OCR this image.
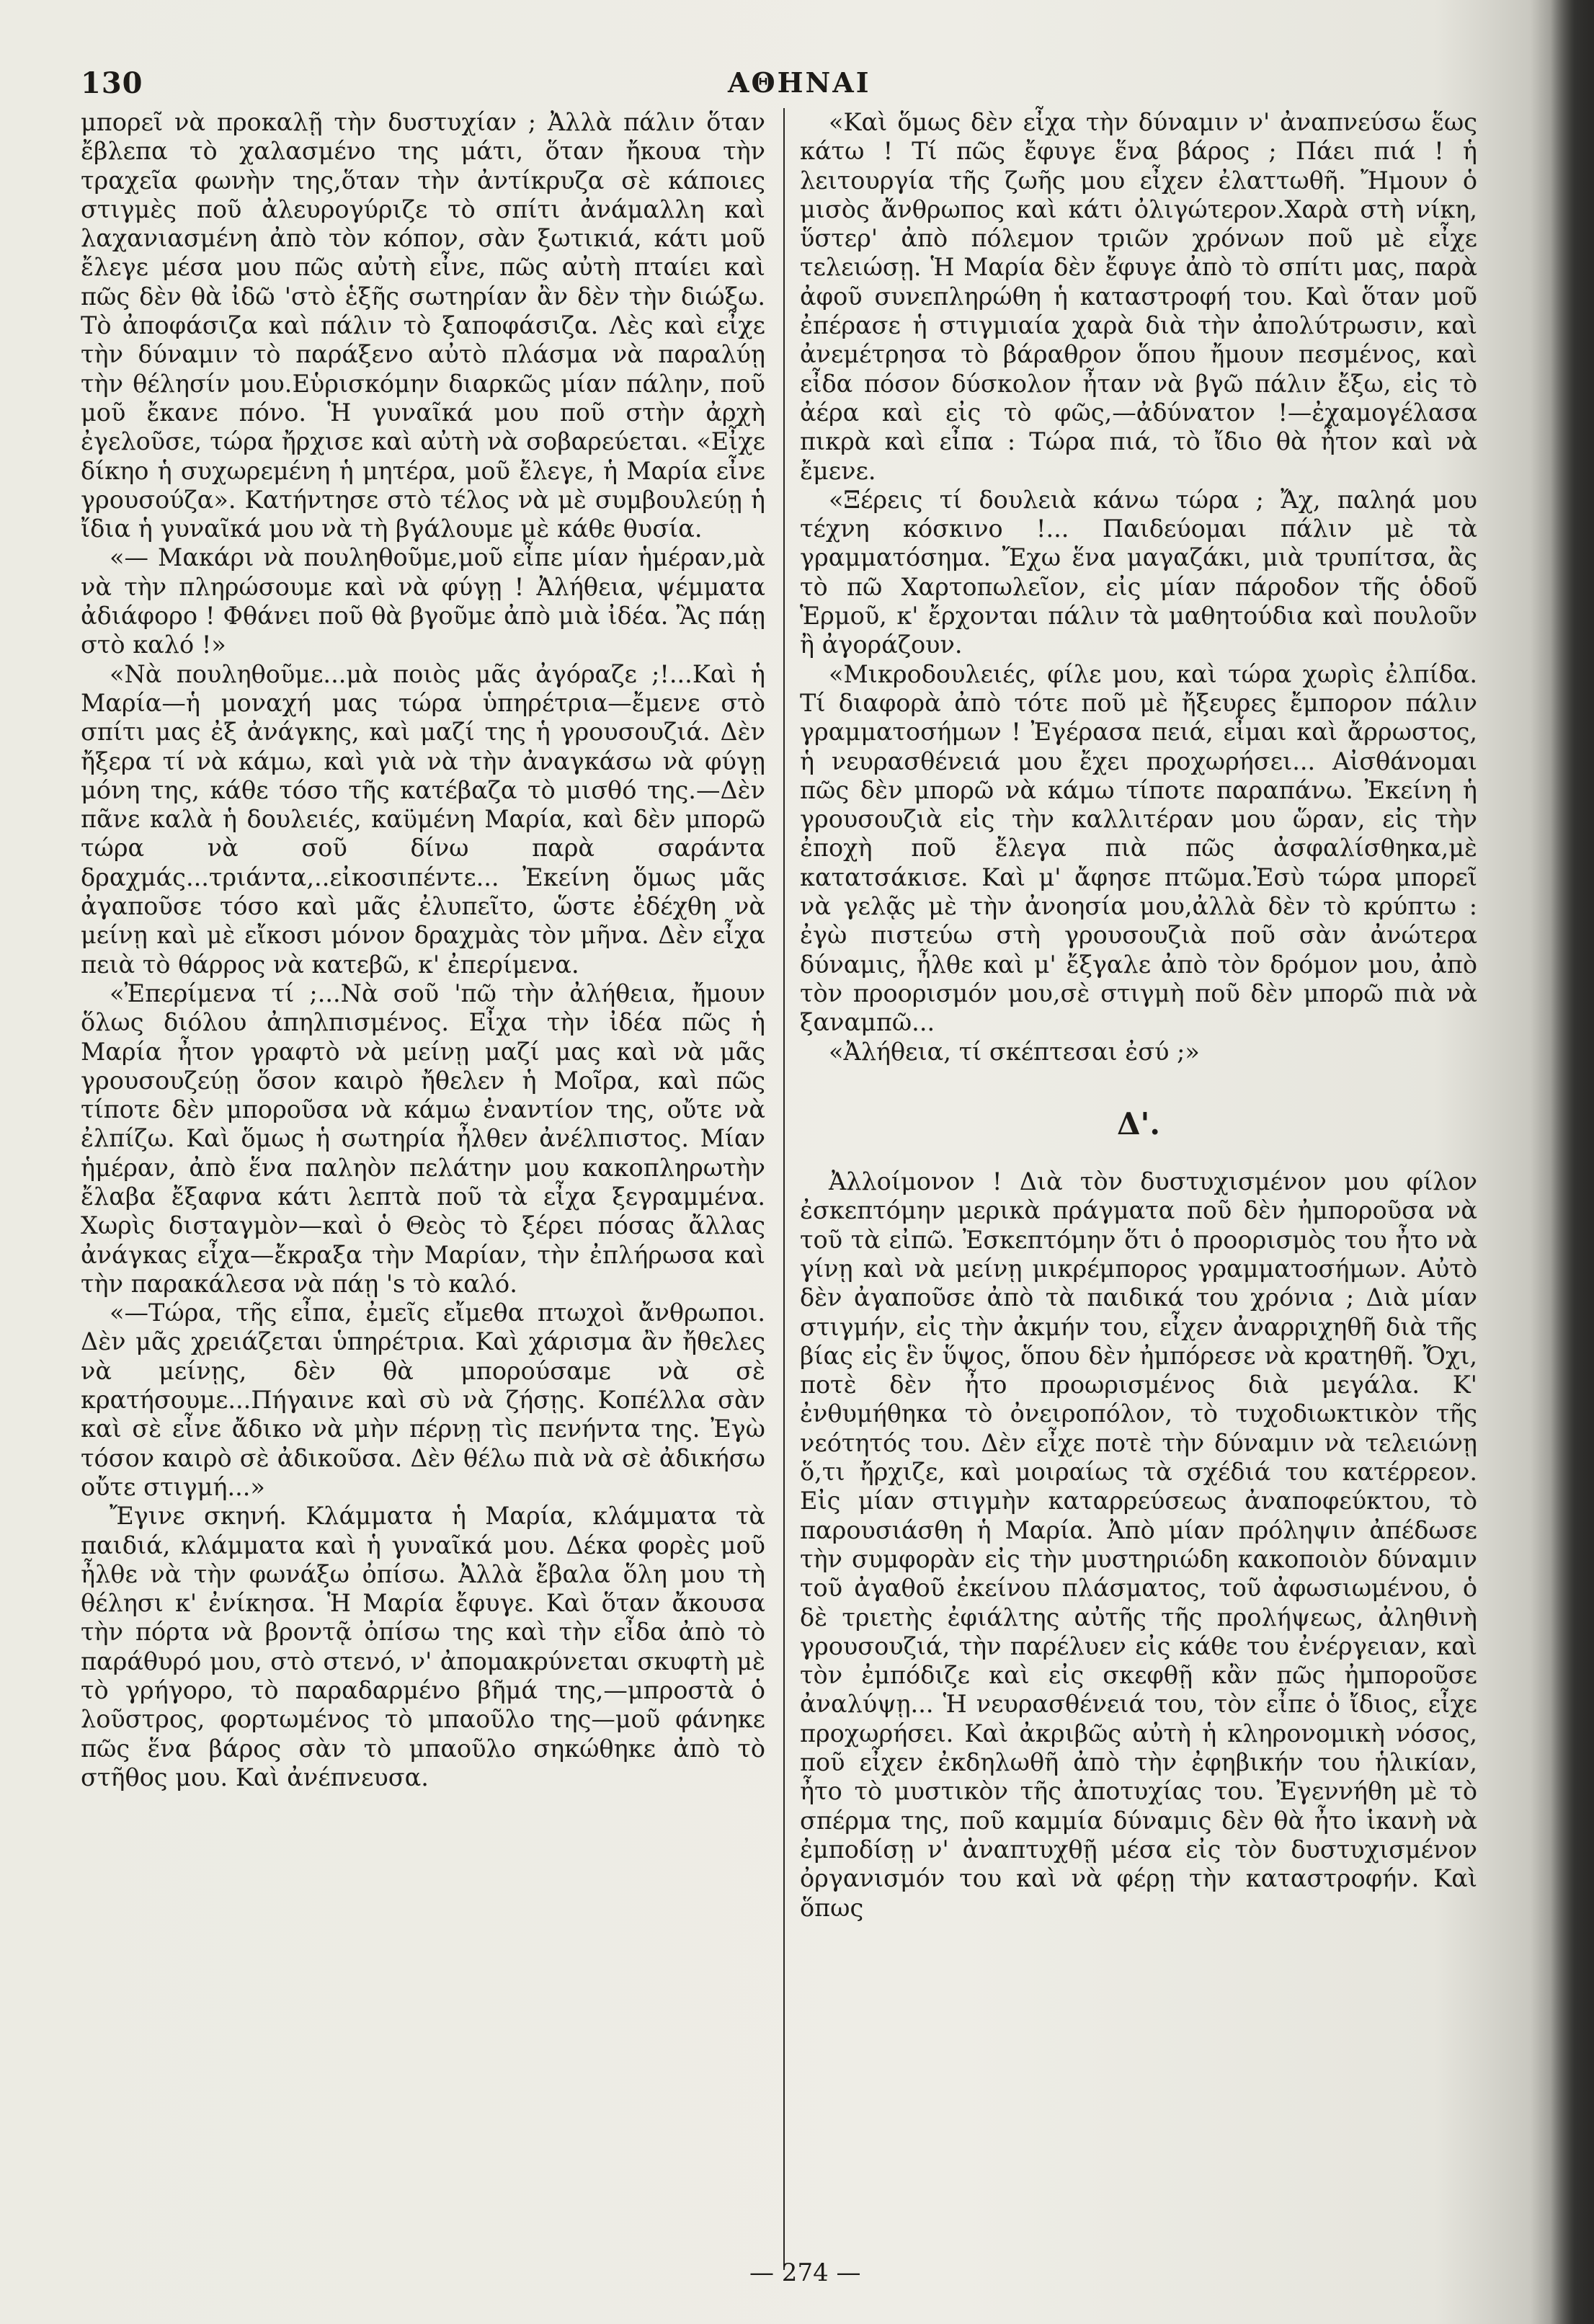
130	ΑΘΗΝΑΙ

μπορεῖ νὰ προκαλῇ τὴν δυστυχίαν ; Ἀλλὰ πάλιν ὅταν ἔβλεπα τὸ χαλασμένο της μάτι, ὅταν ἤκουα τὴν τραχεῖα φωνὴν της,ὅταν τὴν ἀντίκρυζα σὲ κάποιες στιγμὲς ποῦ ἀλευρογύριζε τὸ σπίτι ἀνάμαλλη καὶ λαχανιασμένη ἀπὸ τὸν κόπον, σὰν ξωτικιά, κάτι μοῦ ἔλεγε μέσα μου πῶς αὐτὴ εἶνε, πῶς αὐτὴ πταίει καὶ πῶς δὲν θὰ ἰδῶ 'στὸ ἑξῆς σωτηρίαν ἂν δὲν τὴν διώξω. Τὸ ἀποφάσιζα καὶ πάλιν τὸ ξαποφάσιζα. Λὲς καὶ εἶχε τὴν δύναμιν τὸ παράξενο αὐτὸ πλάσμα νὰ παραλύῃ τὴν θέλησίν μου.Εὑρισκόμην διαρκῶς μίαν πάλην, ποῦ μοῦ ἔκανε πόνο. Ἡ γυναῖκά μου ποῦ στὴν ἀρχὴ ἐγελοῦσε, τώρα ἤρχισε καὶ αὐτὴ νὰ σοβαρεύεται. «Εἶχε δίκηο ἡ συχωρεμένη ἡ μητέρα, μοῦ ἔλεγε, ἡ Μαρία εἶνε γρουσούζα». Κατήντησε στὸ τέλος νὰ μὲ συμβουλεύῃ ἡ ἴδια ἡ γυναῖκά μου νὰ τὴ βγάλουμε μὲ κάθε θυσία.

«— Μακάρι νὰ πουληθοῦμε,μοῦ εἶπε μίαν ἡμέραν,μὰ νὰ τὴν πληρώσουμε καὶ νὰ φύγῃ ! Ἀλήθεια, ψέμματα ἀδιάφορο ! Φθάνει ποῦ θὰ βγοῦμε ἀπὸ μιὰ ἰδέα. Ἂς πάῃ στὸ καλό !»

«Νὰ πουληθοῦμε...μὰ ποιὸς μᾶς ἀγόραζε ;!...Καὶ ἡ Μαρία—ἡ μοναχή μας τώρα ὑπηρέτρια—ἔμενε στὸ σπίτι μας ἐξ ἀνάγκης, καὶ μαζί της ἡ γρουσουζιά. Δὲν ἤξερα τί νὰ κάμω, καὶ γιὰ νὰ τὴν ἀναγκάσω νὰ φύγῃ μόνη της, κάθε τόσο τῆς κατέβαζα τὸ μισθό της.—Δὲν πᾶνε καλὰ ἡ δουλειές, καϋμένη Μαρία, καὶ δὲν μπορῶ τώρα νὰ σοῦ δίνω παρὰ σαράντα δραχμάς...τριάντα,..εἰκοσιπέντε... Ἐκείνη ὅμως μᾶς ἀγαποῦσε τόσο καὶ μᾶς ἐλυπεῖτο, ὥστε ἐδέχθη νὰ μείνῃ καὶ μὲ εἴκοσι μόνον δραχμὰς τὸν μῆνα. Δὲν εἶχα πειὰ τὸ θάρρος νὰ κατεβῶ, κ' ἐπερίμενα.

«Ἐπερίμενα τί ;...Νὰ σοῦ 'πῶ τὴν ἀλήθεια, ἤμουν ὅλως διόλου ἀπηλπισμένος. Εἶχα τὴν ἰδέα πῶς ἡ Μαρία ἦτον γραφτὸ νὰ μείνῃ μαζί μας καὶ νὰ μᾶς γρουσουζεύῃ ὅσον καιρὸ ἤθελεν ἡ Μοῖρα, καὶ πῶς τίποτε δὲν μποροῦσα νὰ κάμω ἐναντίον της, οὔτε νὰ ἐλπίζω. Καὶ ὅμως ἡ σωτηρία ἦλθεν ἀνέλπιστος. Μίαν ἡμέραν, ἀπὸ ἕνα παληὸν πελάτην μου κακοπληρωτὴν ἔλαβα ἔξαφνα κάτι λεπτὰ ποῦ τὰ εἶχα ξεγραμμένα. Χωρὶς δισταγμὸν—καὶ ὁ Θεὸς τὸ ξέρει πόσας ἄλλας ἀνάγκας εἶχα—ἔκραξα τὴν Μαρίαν, τὴν ἐπλήρωσα καὶ τὴν παρακάλεσα νὰ πάῃ 's τὸ καλό.

«—Τώρα, τῆς εἶπα, ἐμεῖς εἴμεθα πτωχοὶ ἄνθρωποι. Δὲν μᾶς χρειάζεται ὑπηρέτρια. Καὶ χάρισμα ἂν ἤθελες νὰ μείνῃς, δὲν θὰ μπορούσαμε νὰ σὲ κρατήσουμε...Πήγαινε καὶ σὺ νὰ ζήσῃς. Κοπέλλα σὰν καὶ σὲ εἶνε ἄδικο νὰ μὴν πέρνῃ τὶς πενήντα της. Ἐγὼ τόσον καιρὸ σὲ ἀδικοῦσα. Δὲν θέλω πιὰ νὰ σὲ ἀδικήσω οὔτε στιγμή...»

Ἔγινε σκηνή. Κλάμματα ἡ Μαρία, κλάμματα τὰ παιδιά, κλάμματα καὶ ἡ γυναῖκά μου. Δέκα φορὲς μοῦ ἦλθε νὰ τὴν φωνάξω ὀπίσω. Ἀλλὰ ἔβαλα ὅλη μου τὴ θέλησι κ' ἐνίκησα. Ἡ Μαρία ἔφυγε. Καὶ ὅταν ἄκουσα τὴν πόρτα νὰ βροντᾷ ὀπίσω της καὶ τὴν εἶδα ἀπὸ τὸ παράθυρό μου, στὸ στενό, ν' ἀπομακρύνεται σκυφτὴ μὲ τὸ γρήγορο, τὸ παραδαρμένο βῆμά της,—μπροστὰ ὁ λοῦστρος, φορτωμένος τὸ μπαοῦλο της—μοῦ φάνηκε πῶς ἕνα βάρος σὰν τὸ μπαοῦλο σηκώθηκε ἀπὸ τὸ στῆθος μου. Καὶ ἀνέπνευσα.

«Καὶ ὅμως δὲν εἶχα τὴν δύναμιν ν' ἀναπνεύσω ἕως κάτω ! Τί πῶς ἔφυγε ἕνα βάρος ; Πάει πιά ! ἡ λειτουργία τῆς ζωῆς μου εἶχεν ἐλαττωθῆ. Ἤμουν ὁ μισὸς ἄνθρωπος καὶ κάτι ὀλιγώτερον.Χαρὰ στὴ νίκη, ὕστερ' ἀπὸ πόλεμον τριῶν χρόνων ποῦ μὲ εἶχε τελειώσῃ. Ἡ Μαρία δὲν ἔφυγε ἀπὸ τὸ σπίτι μας, παρὰ ἀφοῦ συνεπληρώθη ἡ καταστροφή του. Καὶ ὅταν μοῦ ἐπέρασε ἡ στιγμιαία χαρὰ διὰ τὴν ἀπολύτρωσιν, καὶ ἀνεμέτρησα τὸ βάραθρον ὅπου ἤμουν πεσμένος, καὶ εἶδα πόσον δύσκολον ἦταν νὰ βγῶ πάλιν ἔξω, εἰς τὸ ἀέρα καὶ εἰς τὸ φῶς,—ἀδύνατον !—ἐχαμογέλασα πικρὰ καὶ εἶπα : Τώρα πιά, τὸ ἴδιο θὰ ἦτον καὶ νὰ ἔμενε.

«Ξέρεις τί δουλειὰ κάνω τώρα ; Ἄχ, παληά μου τέχνη κόσκινο !... Παιδεύομαι πάλιν μὲ τὰ γραμματόσημα. Ἔχω ἕνα μαγαζάκι, μιὰ τρυπίτσα, ἂς τὸ πῶ Χαρτοπωλεῖον, εἰς μίαν πάροδον τῆς ὁδοῦ Ἑρμοῦ, κ' ἔρχονται πάλιν τὰ μαθητούδια καὶ πουλοῦν ἢ ἀγοράζουν.

«Μικροδουλειές, φίλε μου, καὶ τώρα χωρὶς ἐλπίδα. Τί διαφορὰ ἀπὸ τότε ποῦ μὲ ἤξευρες ἔμπορον πάλιν γραμματοσήμων ! Ἐγέρασα πειά, εἶμαι καὶ ἄρρωστος, ἡ νευρασθένειά μου ἔχει προχωρήσει... Αἰσθάνομαι πῶς δὲν μπορῶ νὰ κάμω τίποτε παραπάνω. Ἐκείνη ἡ γρουσουζιὰ εἰς τὴν καλλιτέραν μου ὥραν, εἰς τὴν ἐποχὴ ποῦ ἔλεγα πιὰ πῶς ἀσφαλίσθηκα,μὲ κατατσάκισε. Καὶ μ' ἄφησε πτῶμα.Ἐσὺ τώρα μπορεῖ νὰ γελᾷς μὲ τὴν ἀνοησία μου,ἀλλὰ δὲν τὸ κρύπτω : ἐγὼ πιστεύω στὴ γρουσουζιὰ ποῦ σὰν ἀνώτερα δύναμις, ἦλθε καὶ μ' ἔξγαλε ἀπὸ τὸν δρόμον μου, ἀπὸ τὸν προορισμόν μου,σὲ στιγμὴ ποῦ δὲν μπορῶ πιὰ νὰ ξαναμπῶ...

«Ἀλήθεια, τί σκέπτεσαι ἐσύ ;»

Δ'.

Ἀλλοίμονον ! Διὰ τὸν δυστυχισμένον μου φίλον ἐσκεπτόμην μερικὰ πράγματα ποῦ δὲν ἠμποροῦσα νὰ τοῦ τὰ εἰπῶ. Ἐσκεπτόμην ὅτι ὁ προορισμὸς του ἦτο νὰ γίνῃ καὶ νὰ μείνῃ μικρέμπορος γραμματοσήμων. Αὐτὸ δὲν ἀγαποῦσε ἀπὸ τὰ παιδικά του χρόνια ; Διὰ μίαν στιγμήν, εἰς τὴν ἀκμήν του, εἶχεν ἀναρριχηθῆ διὰ τῆς βίας εἰς ἓν ὕψος, ὅπου δὲν ἠμπόρεσε νὰ κρατηθῆ. Ὄχι, ποτὲ δὲν ἦτο προωρισμένος διὰ μεγάλα. Κ' ἐνθυμήθηκα τὸ ὀνειροπόλον, τὸ τυχοδιωκτικὸν τῆς νεότητός του. Δὲν εἶχε ποτὲ τὴν δύναμιν νὰ τελειώνῃ ὅ,τι ἤρχιζε, καὶ μοιραίως τὰ σχέδιά του κατέρρεον. Εἰς μίαν στιγμὴν καταρρεύσεως ἀναποφεύκτου, τὸ παρουσιάσθη ἡ Μαρία. Ἀπὸ μίαν πρόληψιν ἀπέδωσε τὴν συμφορὰν εἰς τὴν μυστηριώδη κακοποιὸν δύναμιν τοῦ ἀγαθοῦ ἐκείνου πλάσματος, τοῦ ἀφωσιωμένου, ὁ δὲ τριετὴς ἐφιάλτης αὐτῆς τῆς προλήψεως, ἀληθινὴ γρουσουζιά, τὴν παρέλυεν εἰς κάθε του ἐνέργειαν, καὶ τὸν ἐμπόδιζε καὶ εἰς σκεφθῇ κἂν πῶς ἠμποροῦσε ἀναλύψῃ... Ἡ νευρασθένειά του, τὸν εἶπε ὁ ἴδιος, εἶχε προχωρήσει. Καὶ ἀκριβῶς αὐτὴ ἡ κληρονομικὴ νόσος, ποῦ εἶχεν ἐκδηλωθῆ ἀπὸ τὴν ἐφηβικήν του ἡλικίαν, ἦτο τὸ μυστικὸν τῆς ἀποτυχίας του. Ἐγεννήθη μὲ τὸ σπέρμα της, ποῦ καμμία δύναμις δὲν θὰ ἦτο ἱκανὴ νὰ ἐμποδίσῃ ν' ἀναπτυχθῇ μέσα εἰς τὸν δυστυχισμένον ὀργανισμόν του καὶ νὰ φέρῃ τὴν καταστροφήν. Καὶ ὅπως

— 274 —
